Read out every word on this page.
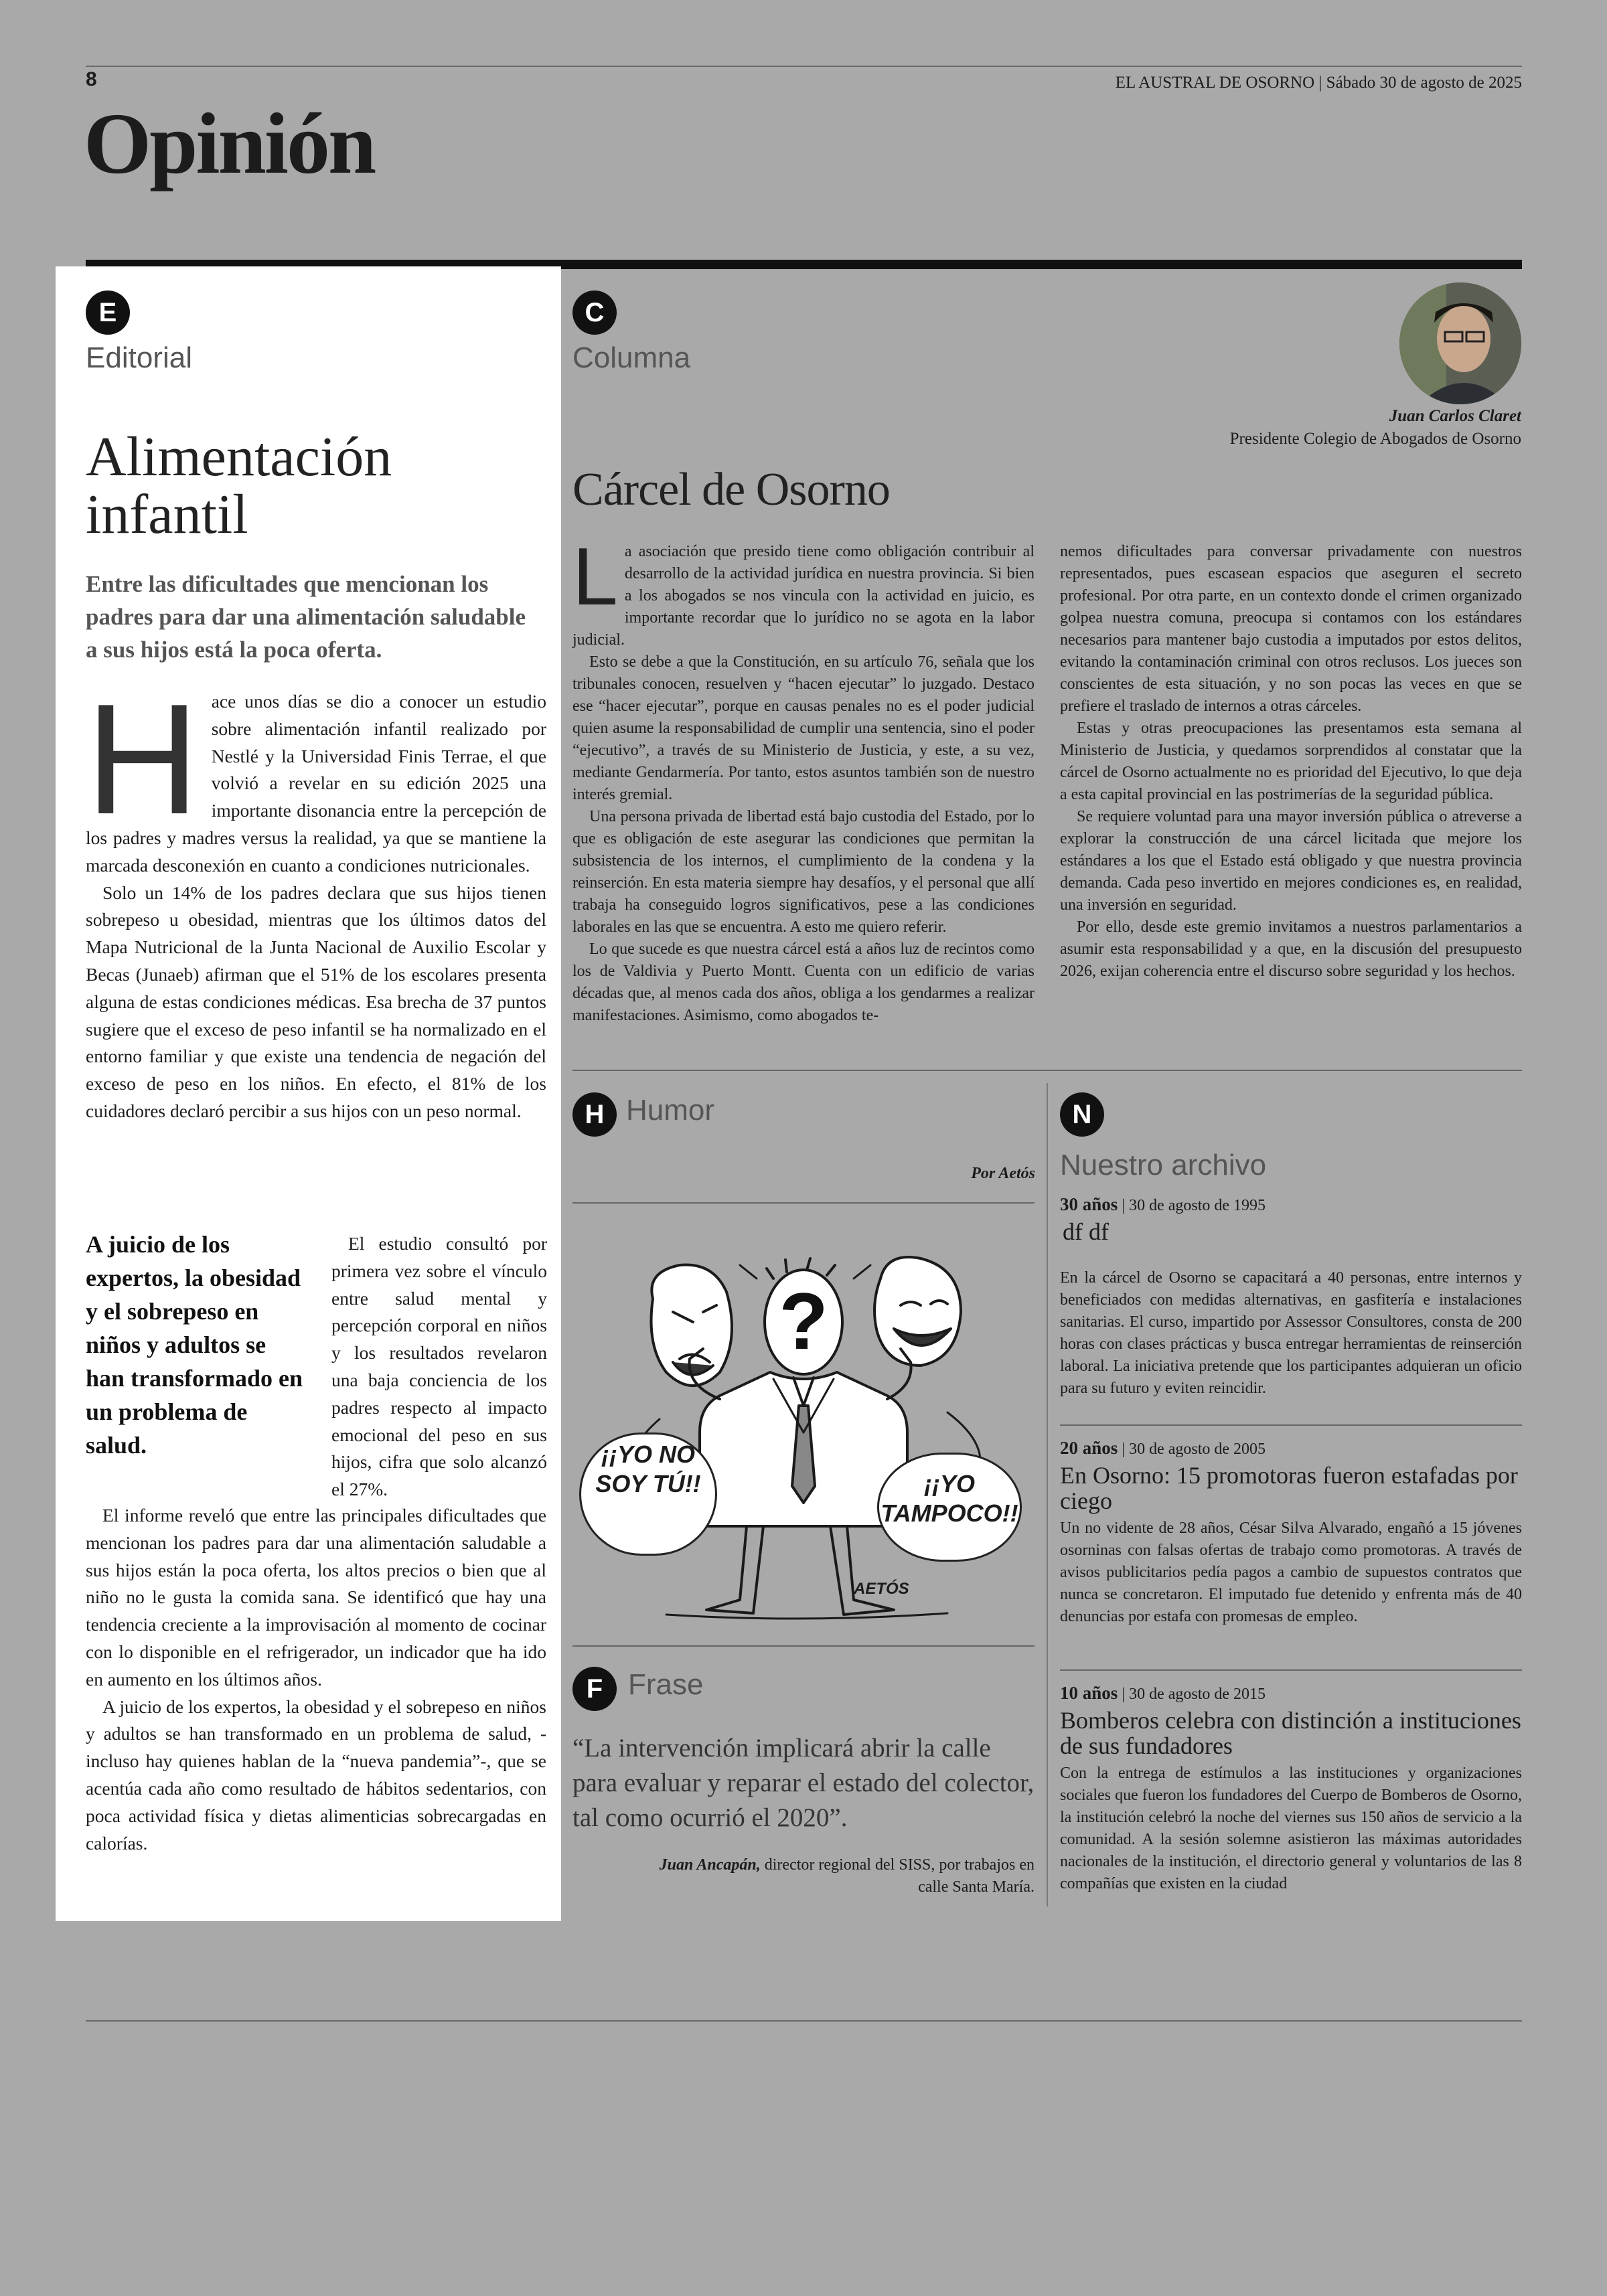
8	EL AUSTRAL DE OSORNO | Sábado 30 de agosto de 2025
Opinión
E
Editorial
Alimentación
infantil
Entre las dificultades que mencionan los padres para dar una alimentación saludable a sus hijos está la poca oferta.

Hace unos días se dio a conocer un estudio sobre alimentación infantil realizado por Nestlé y la Universidad Finis Terrae, el que volvió a revelar en su edición 2025 una importante disonancia entre la percepción de los padres y madres versus la realidad, ya que se mantiene la marcada desconexión en cuanto a condiciones nutricionales.

Solo un 14% de los padres declara que sus hijos tienen sobrepeso u obesidad, mientras que los últimos datos del Mapa Nutricional de la Junta Nacional de Auxilio Escolar y Becas (Junaeb) afirman que el 51% de los escolares presenta alguna de estas condiciones médicas. Esa brecha de 37 puntos sugiere que el exceso de peso infantil se ha normalizado en el entorno familiar y que existe una tendencia de negación del exceso de peso en los niños. En efecto, el 81% de los cuidadores declaró percibir a sus hijos con un peso normal.

A juicio de los expertos, la obesidad y el sobrepeso en niños y adultos se han transformado en un problema de salud.

El estudio consultó por primera vez sobre el vínculo entre salud mental y percepción corporal en niños y los resultados revelaron una baja conciencia de los padres respecto al impacto emocional del peso en sus hijos, cifra que solo alcanzó el 27%.

El informe reveló que entre las principales dificultades que mencionan los padres para dar una alimentación saludable a sus hijos están la poca oferta, los altos precios o bien que al niño no le gusta la comida sana. Se identificó que hay una tendencia creciente a la improvisación al momento de cocinar con lo disponible en el refrigerador, un indicador que ha ido en aumento en los últimos años.

A juicio de los expertos, la obesidad y el sobrepeso en niños y adultos se han transformado en un problema de salud, - incluso hay quienes hablan de la “nueva pandemia”-, que se acentúa cada año como resultado de hábitos sedentarios, con poca actividad física y dietas alimenticias sobrecargadas en calorías.

C
Columna
Juan Carlos Claret
Presidente Colegio de Abogados de Osorno
Cárcel de Osorno

La asociación que presido tiene como obligación contribuir al desarrollo de la actividad jurídica en nuestra provincia. Si bien a los abogados se nos vincula con la actividad en juicio, es importante recordar que lo jurídico no se agota en la labor judicial.

Esto se debe a que la Constitución, en su artículo 76, señala que los tribunales conocen, resuelven y “hacen ejecutar” lo juzgado. Destaco ese “hacer ejecutar”, porque en causas penales no es el poder judicial quien asume la responsabilidad de cumplir una sentencia, sino el poder “ejecutivo”, a través de su Ministerio de Justicia, y este, a su vez, mediante Gendarmería. Por tanto, estos asuntos también son de nuestro interés gremial.

Una persona privada de libertad está bajo custodia del Estado, por lo que es obligación de este asegurar las condiciones que permitan la subsistencia de los internos, el cumplimiento de la condena y la reinserción. En esta materia siempre hay desafíos, y el personal que allí trabaja ha conseguido logros significativos, pese a las condiciones laborales en las que se encuentra. A esto me quiero referir.

Lo que sucede es que nuestra cárcel está a años luz de recintos como los de Valdivia y Puerto Montt. Cuenta con un edificio de varias décadas que, al menos cada dos años, obliga a los gendarmes a realizar manifestaciones. Asimismo, como abogados te-

nemos dificultades para conversar privadamente con nuestros representados, pues escasean espacios que aseguren el secreto profesional. Por otra parte, en un contexto donde el crimen organizado golpea nuestra comuna, preocupa si contamos con los estándares necesarios para mantener bajo custodia a imputados por estos delitos, evitando la contaminación criminal con otros reclusos. Los jueces son conscientes de esta situación, y no son pocas las veces en que se prefiere el traslado de internos a otras cárceles.

Estas y otras preocupaciones las presentamos esta semana al Ministerio de Justicia, y quedamos sorprendidos al constatar que la cárcel de Osorno actualmente no es prioridad del Ejecutivo, lo que deja a esta capital provincial en las postrimerías de la seguridad pública.

Se requiere voluntad para una mayor inversión pública o atreverse a explorar la construcción de una cárcel licitada que mejore los estándares a los que el Estado está obligado y que nuestra provincia demanda. Cada peso invertido en mejores condiciones es, en realidad, una inversión en seguridad.

Por ello, desde este gremio invitamos a nuestros parlamentarios a asumir esta responsabilidad y a que, en la discusión del presupuesto 2026, exijan coherencia entre el discurso sobre seguridad y los hechos.

H Humor
Por Aetós
?
¡¡YO NO SOY TÚ!!	¡¡YO TAMPOCO!!
AETÓS
F Frase
“La intervención implicará abrir la calle para evaluar y reparar el estado del colector, tal como ocurrió el 2020”.
Juan Ancapán, director regional del SISS, por trabajos en calle Santa María.
N
Nuestro archivo
30 años | 30 de agosto de 1995
df df
En la cárcel de Osorno se capacitará a 40 personas, entre internos y beneficiados con medidas alternativas, en gasfitería e instalaciones sanitarias. El curso, impartido por Assessor Consultores, consta de 200 horas con clases prácticas y busca entregar herramientas de reinserción laboral. La iniciativa pretende que los participantes adquieran un oficio para su futuro y eviten reincidir.
20 años | 30 de agosto de 2005
En Osorno: 15 promotoras fueron estafadas por ciego
Un no vidente de 28 años, César Silva Alvarado, engañó a 15 jóvenes osorninas con falsas ofertas de trabajo como promotoras. A través de avisos publicitarios pedía pagos a cambio de supuestos contratos que nunca se concretaron. El imputado fue detenido y enfrenta más de 40 denuncias por estafa con promesas de empleo.
10 años | 30 de agosto de 2015
Bomberos celebra con distinción a instituciones de sus fundadores
Con la entrega de estímulos a las instituciones y organizaciones sociales que fueron los fundadores del Cuerpo de Bomberos de Osorno, la institución celebró la noche del viernes sus 150 años de servicio a la comunidad. A la sesión solemne asistieron las máximas autoridades nacionales de la institución, el directorio general y voluntarios de las 8 compañías que existen en la ciudad
